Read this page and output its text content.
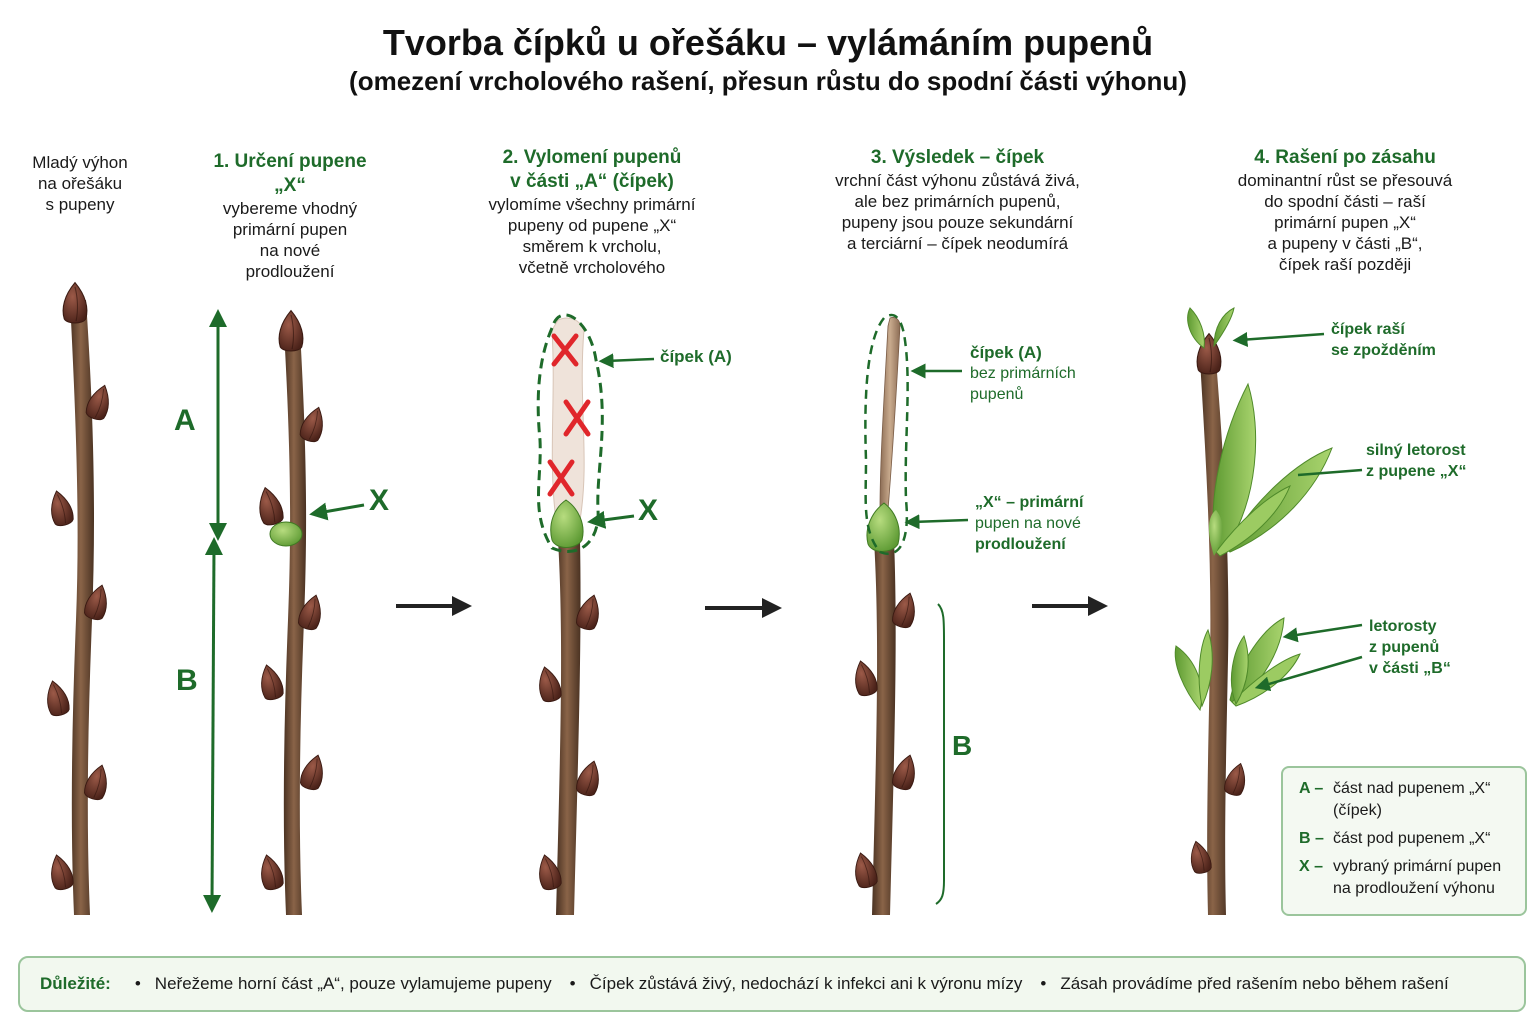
Tvorba čípků u ořešáku – vylámáním pupenů
(omezení vrcholového rašení, přesun růstu do spodní části výhonu)
Mladý výhon
na ořešáku
s pupeny
1. Určení pupene
„X“
vybereme vhodný
primární pupen
na nové
prodloužení
2. Vylomení pupenů
v části „A“ (čípek)
vylomíme všechny primární
pupeny od pupene „X“
směrem k vrcholu,
včetně vrcholového
3. Výsledek – čípek
vrchní část výhonu zůstává živá,
ale bez primárních pupenů,
pupeny jsou pouze sekundární
a terciární – čípek neodumírá
4. Rašení po zásahu
dominantní růst se přesouvá
do spodní části – raší
primární pupen „X“
a pupeny v části „B“,
čípek raší později
A
B
X
čípek (A)
X
čípek (A)
bez primárních
pupenů
„X“ – primární
pupen na nové
prodloužení
B
čípek raší
se zpožděním
silný letorost
z pupene „X“
letorosty
z pupenů
v části „B“
A – část nad pupenem „X“
(čípek)
B – část pod pupenem „X“
X – vybraný primární pupen
na prodloužení výhonu
Důležité:	• Neřežeme horní část „A“, pouze vylamujeme pupeny	• Čípek zůstává živý, nedochází k infekci ani k výronu mízy	• Zásah provádíme před rašením nebo během rašení
